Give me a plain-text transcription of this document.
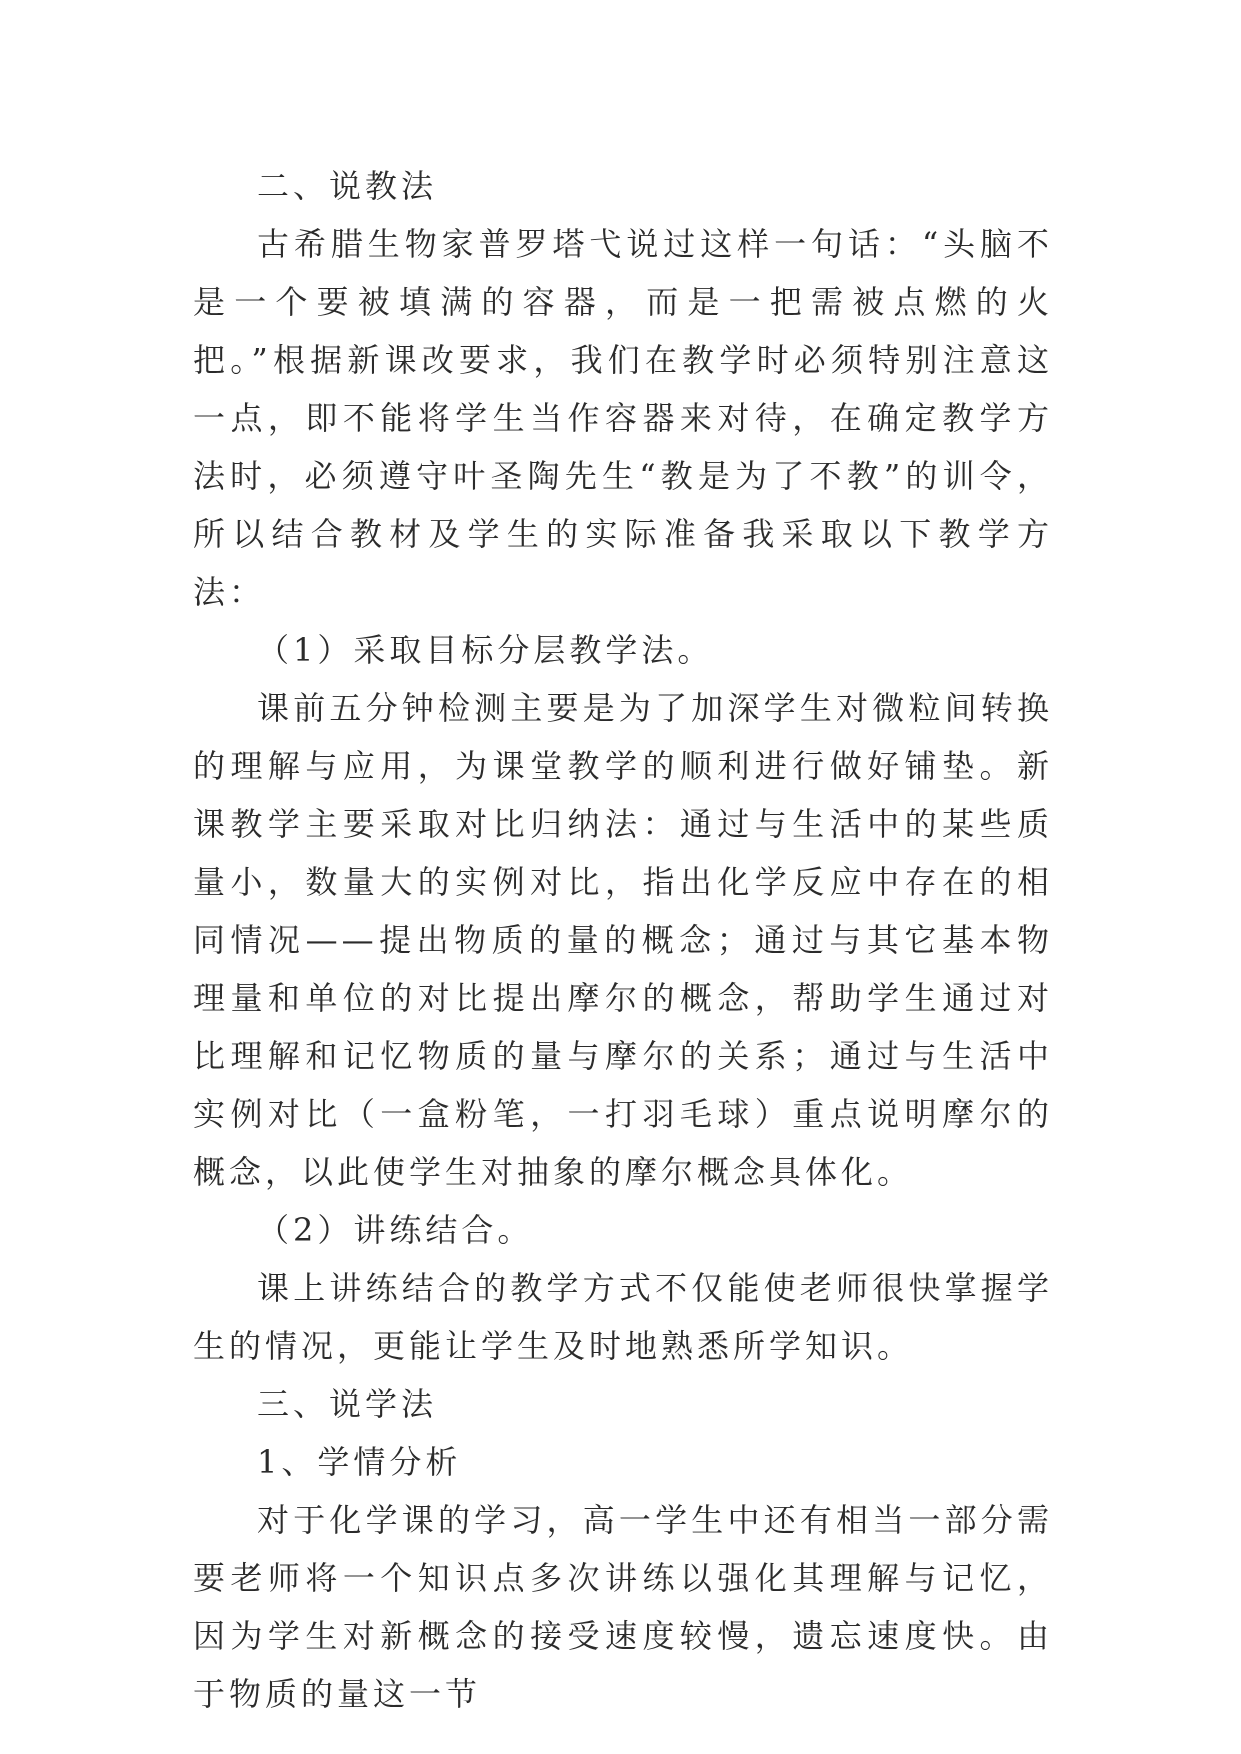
二、说教法

古希腊生物家普罗塔弋说过这样一句话：“头脑不是一个要被填满的容器，而是一把需被点燃的火把。”根据新课改要求，我们在教学时必须特别注意这一点，即不能将学生当作容器来对待，在确定教学方法时，必须遵守叶圣陶先生“教是为了不教”的训令，所以结合教材及学生的实际准备我采取以下教学方法：

（1）采取目标分层教学法。

课前五分钟检测主要是为了加深学生对微粒间转换的理解与应用，为课堂教学的顺利进行做好铺垫。新课教学主要采取对比归纳法：通过与生活中的某些质量小，数量大的实例对比，指出化学反应中存在的相同情况——提出物质的量的概念；通过与其它基本物理量和单位的对比提出摩尔的概念，帮助学生通过对比理解和记忆物质的量与摩尔的关系；通过与生活中实例对比（一盒粉笔，一打羽毛球）重点说明摩尔的概念，以此使学生对抽象的摩尔概念具体化。

（2）讲练结合。

课上讲练结合的教学方式不仅能使老师很快掌握学生的情况，更能让学生及时地熟悉所学知识。

三、说学法

1、学情分析

对于化学课的学习，高一学生中还有相当一部分需要老师将一个知识点多次讲练以强化其理解与记忆，因为学生对新概念的接受速度较慢，遗忘速度快。由于物质的量这一节
